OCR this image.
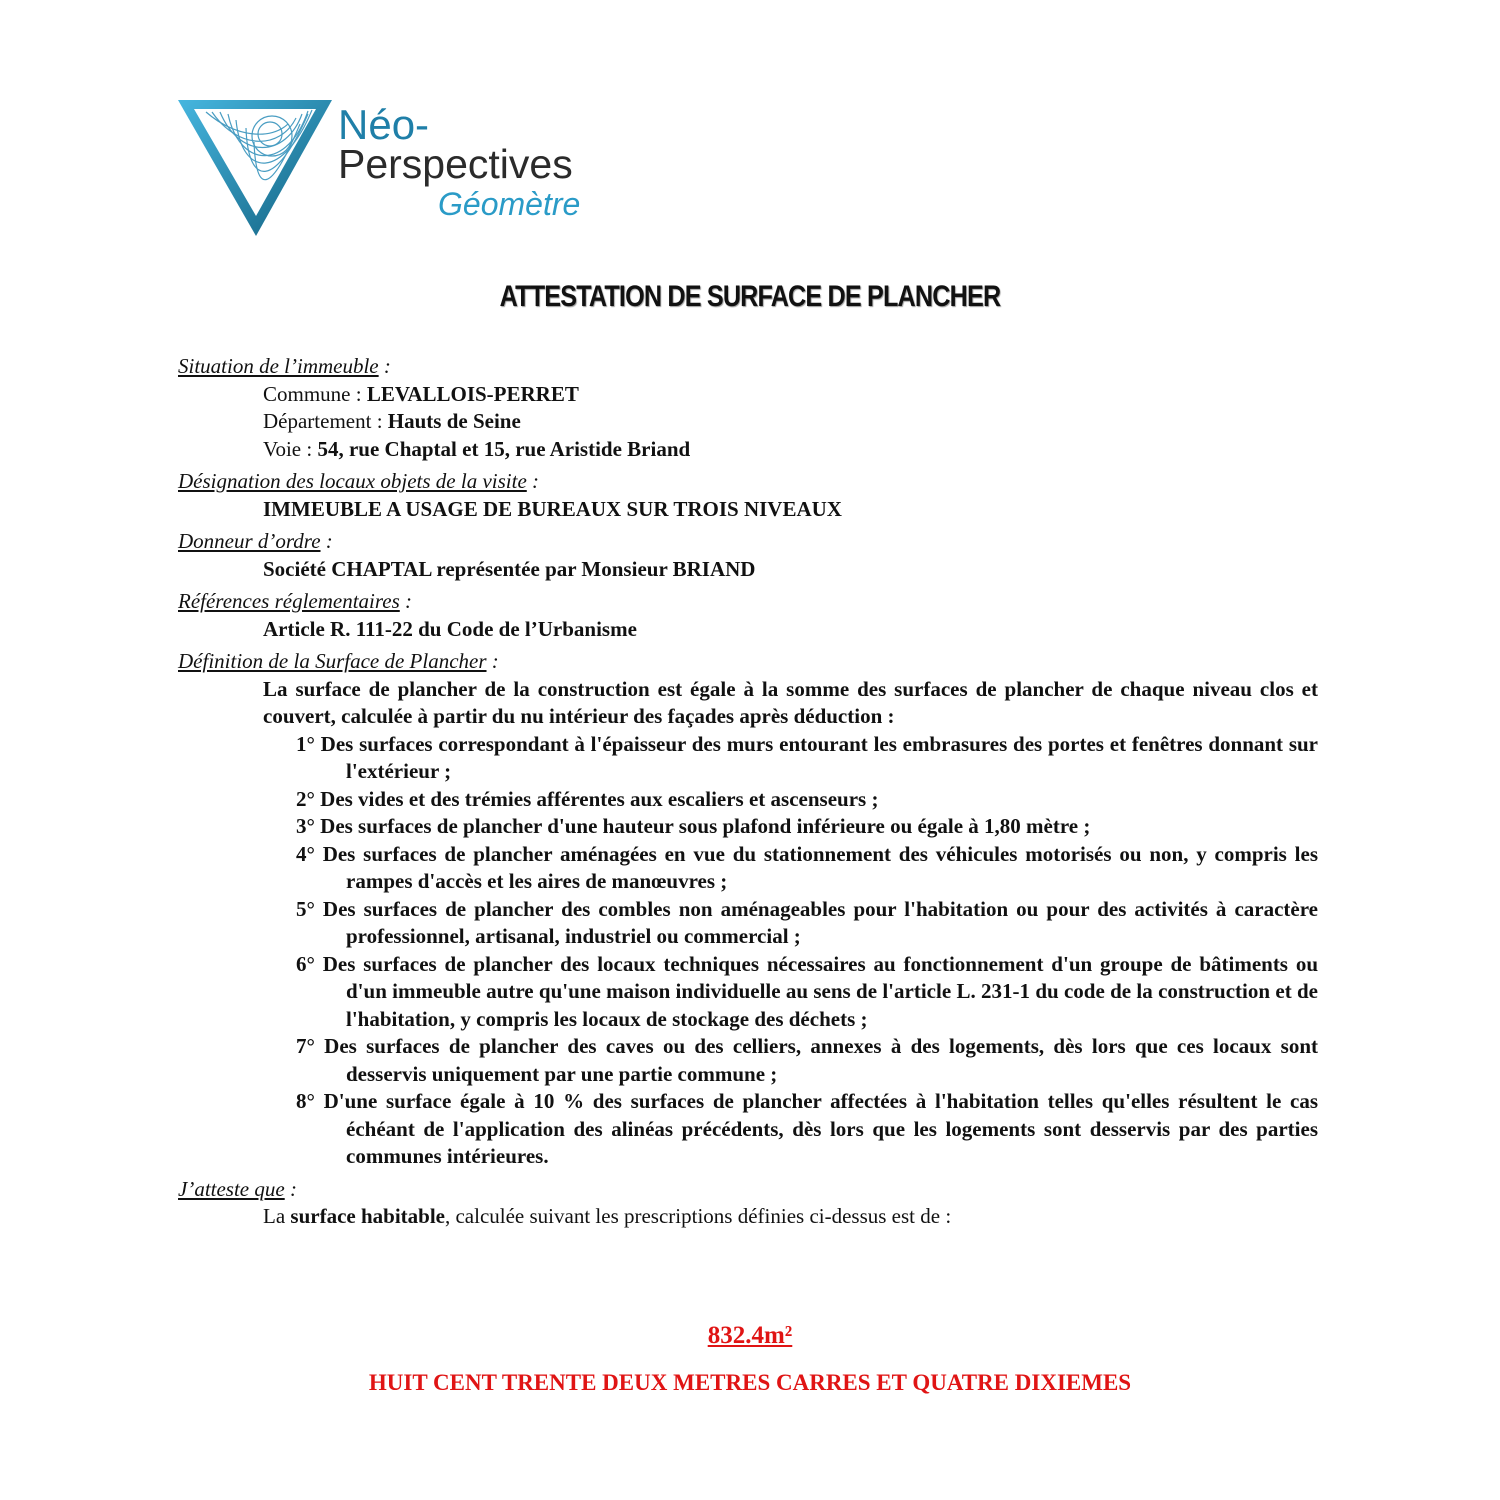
Néo-
Perspectives
Géomètre
ATTESTATION DE SURFACE DE PLANCHER
Situation de l’immeuble :
Commune : LEVALLOIS-PERRET
Département : Hauts de Seine
Voie : 54, rue Chaptal et 15, rue Aristide Briand
Désignation des locaux objets de la visite :
IMMEUBLE A USAGE DE BUREAUX SUR TROIS NIVEAUX
Donneur d’ordre :
Société CHAPTAL représentée par Monsieur BRIAND
Références réglementaires :
Article R. 111-22 du Code de l’Urbanisme
Définition de la Surface de Plancher :
La surface de plancher de la construction est égale à la somme des surfaces de plancher de chaque niveau clos et couvert, calculée à partir du nu intérieur des façades après déduction :
1° Des surfaces correspondant à l'épaisseur des murs entourant les embrasures des portes et fenêtres donnant sur l'extérieur ;
2° Des vides et des trémies afférentes aux escaliers et ascenseurs ;
3° Des surfaces de plancher d'une hauteur sous plafond inférieure ou égale à 1,80 mètre ;
4° Des surfaces de plancher aménagées en vue du stationnement des véhicules motorisés ou non, y compris les rampes d'accès et les aires de manœuvres ;
5° Des surfaces de plancher des combles non aménageables pour l'habitation ou pour des activités à caractère professionnel, artisanal, industriel ou commercial ;
6° Des surfaces de plancher des locaux techniques nécessaires au fonctionnement d'un groupe de bâtiments ou d'un immeuble autre qu'une maison individuelle au sens de l'article L. 231-1 du code de la construction et de l'habitation, y compris les locaux de stockage des déchets ;
7° Des surfaces de plancher des caves ou des celliers, annexes à des logements, dès lors que ces locaux sont desservis uniquement par une partie commune ;
8° D'une surface égale à 10 % des surfaces de plancher affectées à l'habitation telles qu'elles résultent le cas échéant de l'application des alinéas précédents, dès lors que les logements sont desservis par des parties communes intérieures.
J’atteste que :
La surface habitable, calculée suivant les prescriptions définies ci-dessus est de :
832.4m²
HUIT CENT TRENTE DEUX METRES CARRES ET QUATRE DIXIEMES
